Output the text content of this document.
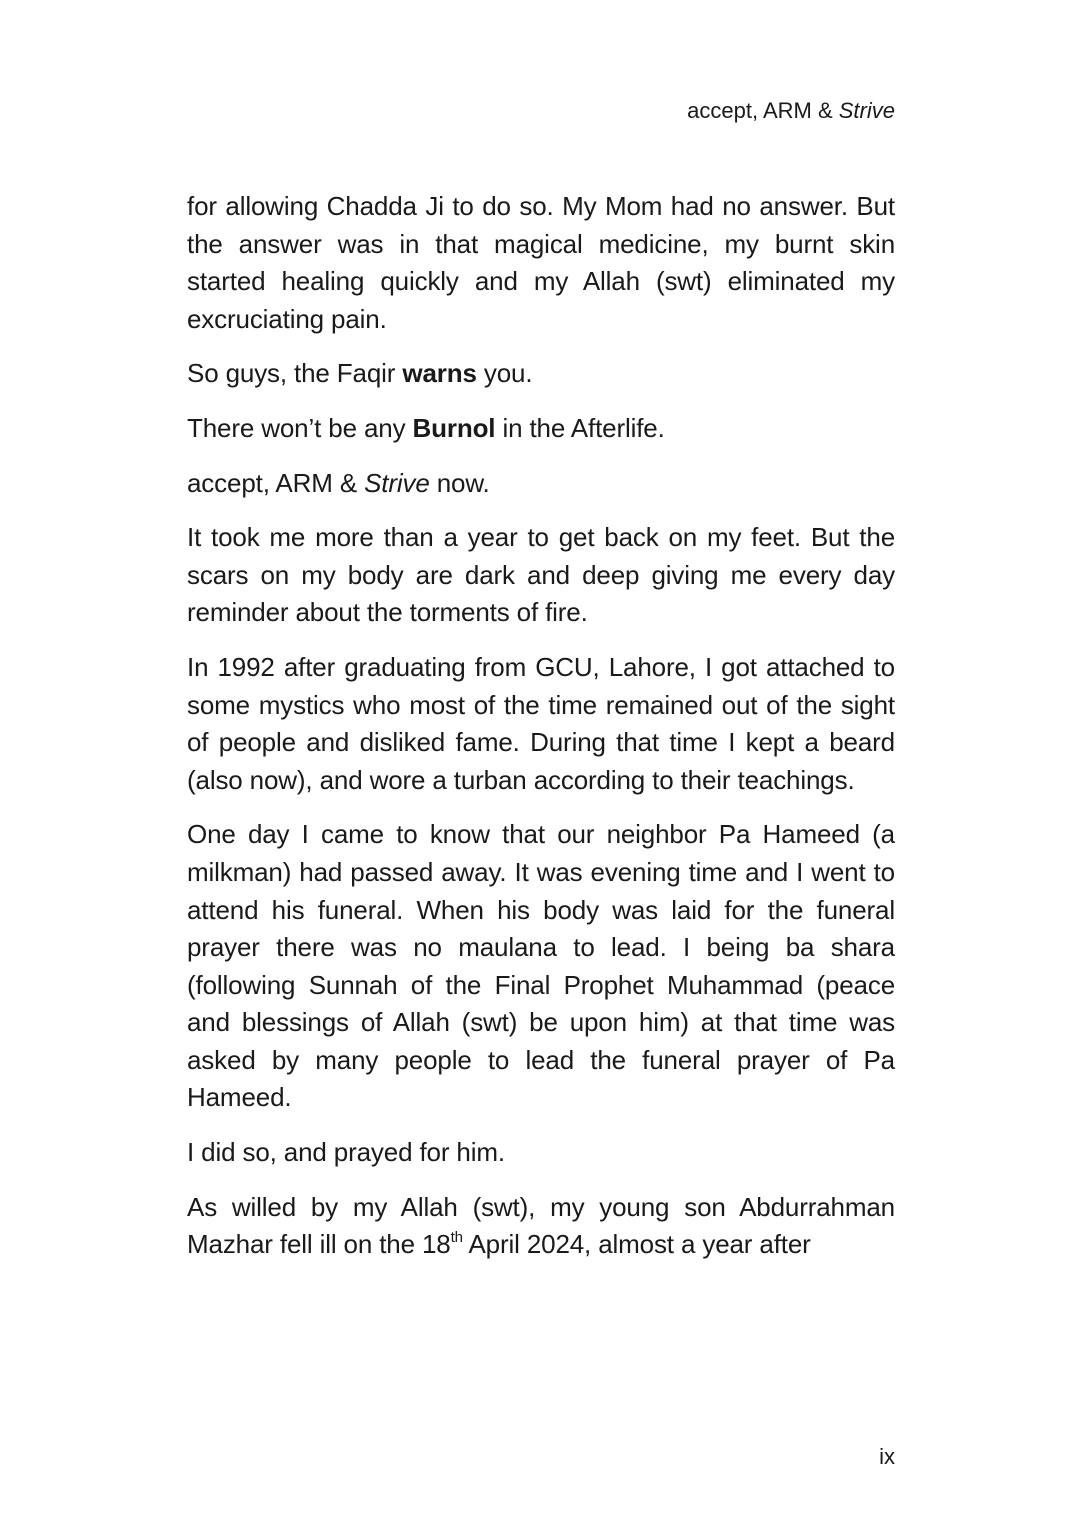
accept, ARM & Strive

for allowing Chadda Ji to do so. My Mom had no answer. But the answer was in that magical medicine, my burnt skin started healing quickly and my Allah (swt) eliminated my excruciating pain.

So guys, the Faqir warns you.

There won’t be any Burnol in the Afterlife.

accept, ARM & Strive now.

It took me more than a year to get back on my feet. But the scars on my body are dark and deep giving me every day reminder about the torments of fire.

In 1992 after graduating from GCU, Lahore, I got attached to some mystics who most of the time remained out of the sight of people and disliked fame. During that time I kept a beard (also now), and wore a turban according to their teachings.

One day I came to know that our neighbor Pa Hameed (a milkman) had passed away. It was evening time and I went to attend his funeral. When his body was laid for the funeral prayer there was no maulana to lead. I being ba shara (following Sunnah of the Final Prophet Muhammad (peace and blessings of Allah (swt) be upon him) at that time was asked by many people to lead the funeral prayer of Pa Hameed.

I did so, and prayed for him.

As willed by my Allah (swt), my young son Abdurrahman Mazhar fell ill on the 18th April 2024, almost a year after

ix
